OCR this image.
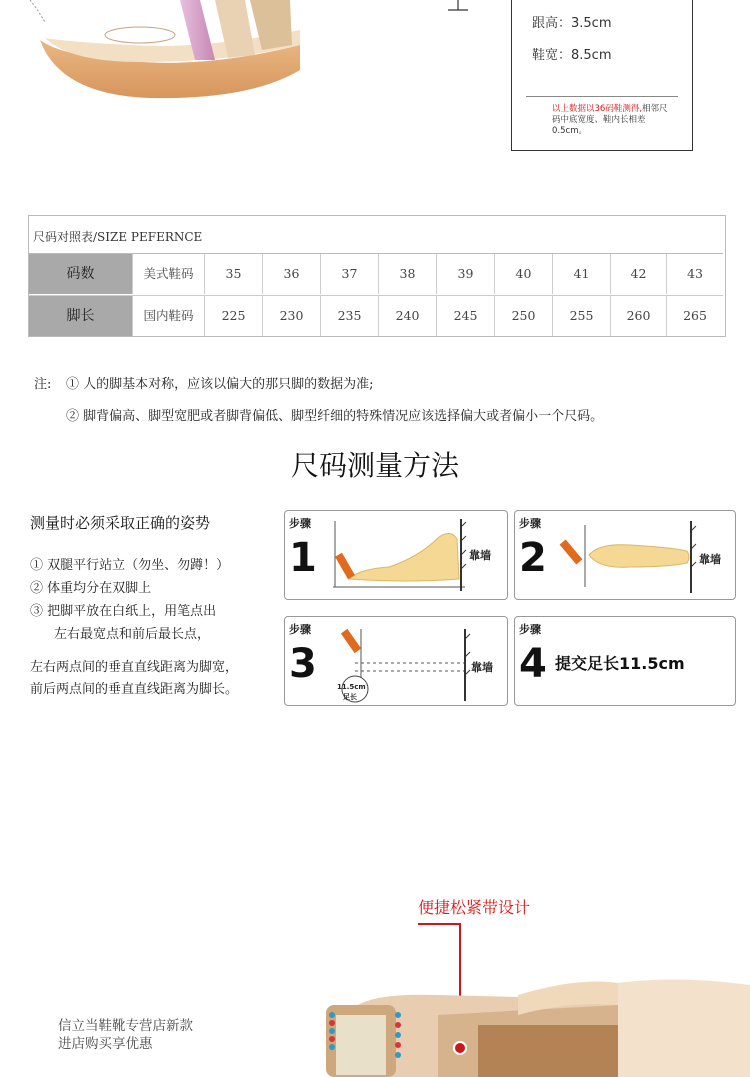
跟高：3.5cm
鞋宽：8.5cm
以上数据以36码鞋测得,相邻尺码中底宽度、鞋内长相差0.5cm。
尺码对照表/SIZE PEFERNCE
码数	美式鞋码	35	36	37	38	39	40	41	42	43
脚长	国内鞋码	225	230	235	240	245	250	255	260	265
注: ① 人的脚基本对称，应该以偏大的那只脚的数据为准;
② 脚背偏高、脚型宽肥或者脚背偏低、脚型纤细的特殊情况应该选择偏大或者偏小一个尺码。
尺码测量方法
测量时必须采取正确的姿势
① 双腿平行站立（勿坐、勿蹲！）
② 体重均分在双脚上
③ 把脚平放在白纸上，用笔点出
左右最宽点和前后最长点，
左右两点间的垂直直线距离为脚宽，
前后两点间的垂直直线距离为脚长。
步骤
1	靠墙
步骤
2	靠墙
步骤
3	11.5cm
足长
靠墙
步骤
4 提交足长11.5cm
便捷松紧带设计
信立当鞋靴专营店新款
进店购买享优惠
